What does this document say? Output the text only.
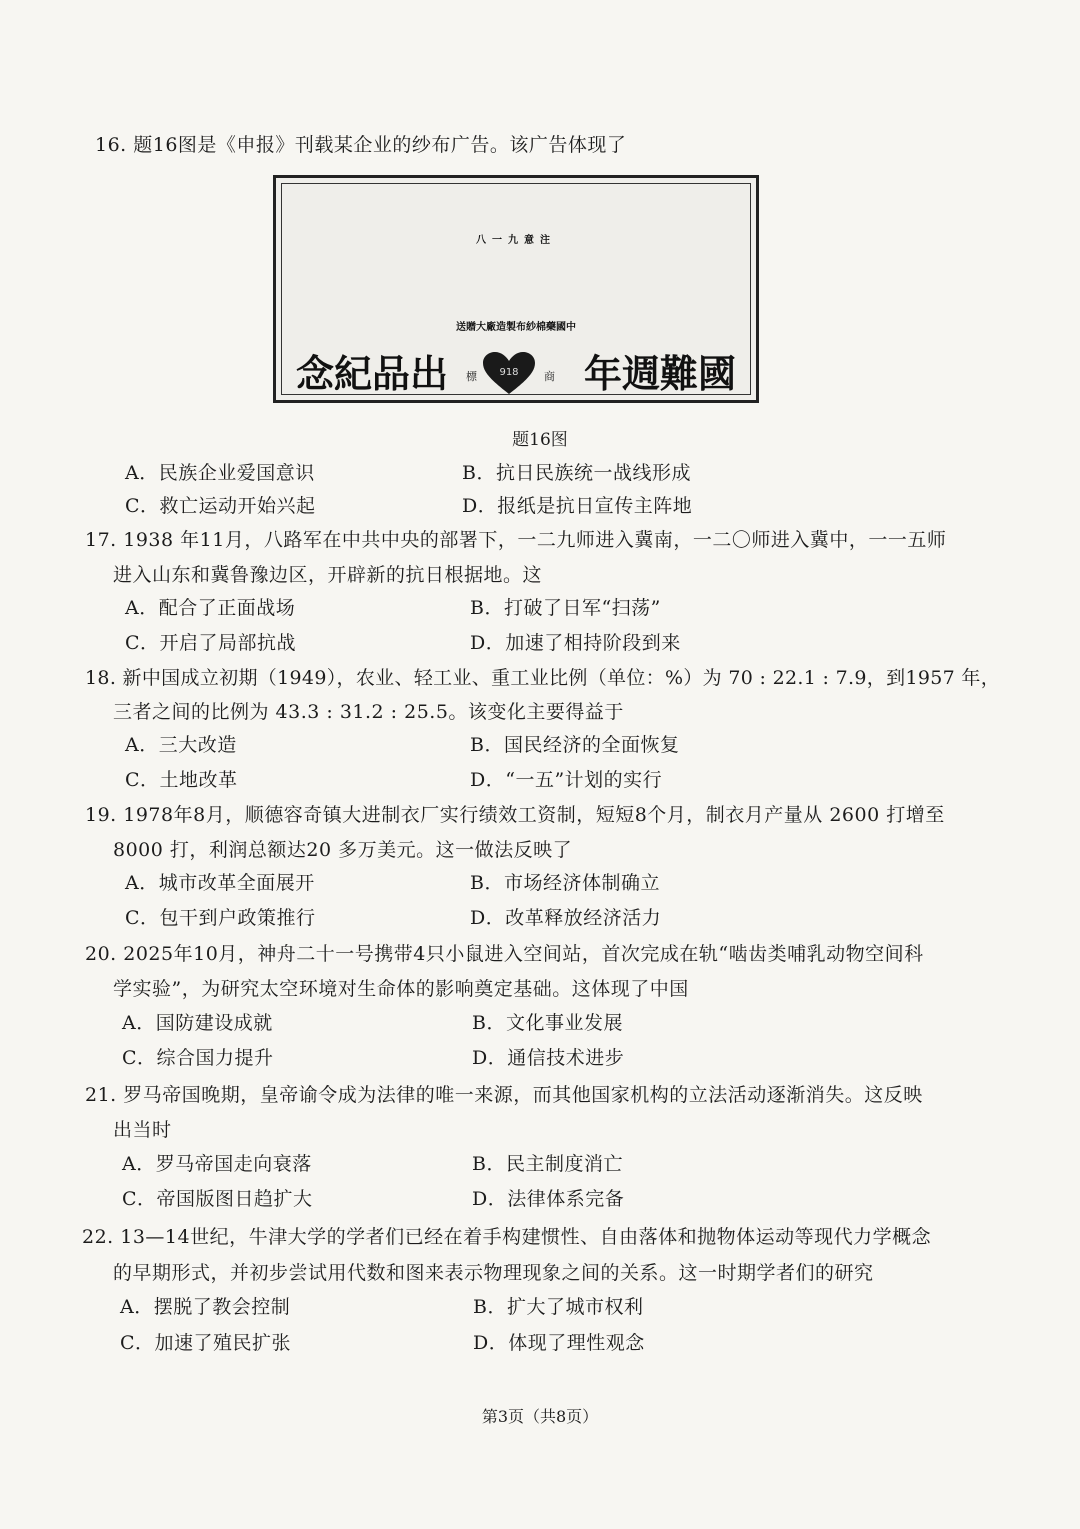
16. 题16图是《申报》刊载某企业的纱布广告。该广告体现了
八一九意注
送贈大廠造製布紗棉藥國中
念紀品出 標 918 商 年週難國
题16图
A．民族企业爱国意识	B．抗日民族统一战线形成
C．救亡运动开始兴起	D．报纸是抗日宣传主阵地
17. 1938 年11月，八路军在中共中央的部署下，一二九师进入冀南，一二〇师进入冀中，一一五师
进入山东和冀鲁豫边区，开辟新的抗日根据地。这
A．配合了正面战场	B．打破了日军“扫荡”
C．开启了局部抗战	D．加速了相持阶段到来
18. 新中国成立初期（1949），农业、轻工业、重工业比例（单位：%）为 70 : 22.1 : 7.9，到1957 年，
三者之间的比例为 43.3 : 31.2 : 25.5。该变化主要得益于
A．三大改造	B．国民经济的全面恢复
C．土地改革	D．“一五”计划的实行
19. 1978年8月，顺德容奇镇大进制衣厂实行绩效工资制，短短8个月，制衣月产量从 2600 打增至
8000 打，利润总额达20 多万美元。这一做法反映了
A．城市改革全面展开	B．市场经济体制确立
C．包干到户政策推行	D．改革释放经济活力
20. 2025年10月，神舟二十一号携带4只小鼠进入空间站，首次完成在轨“啮齿类哺乳动物空间科
学实验”，为研究太空环境对生命体的影响奠定基础。这体现了中国
A．国防建设成就	B．文化事业发展
C．综合国力提升	D．通信技术进步
21. 罗马帝国晚期，皇帝谕令成为法律的唯一来源，而其他国家机构的立法活动逐渐消失。这反映
出当时
A．罗马帝国走向衰落	B．民主制度消亡
C．帝国版图日趋扩大	D．法律体系完备
22. 13—14世纪，牛津大学的学者们已经在着手构建惯性、自由落体和抛物体运动等现代力学概念
的早期形式，并初步尝试用代数和图来表示物理现象之间的关系。这一时期学者们的研究
A．摆脱了教会控制	B．扩大了城市权利
C．加速了殖民扩张	D．体现了理性观念
第3页（共8页）
